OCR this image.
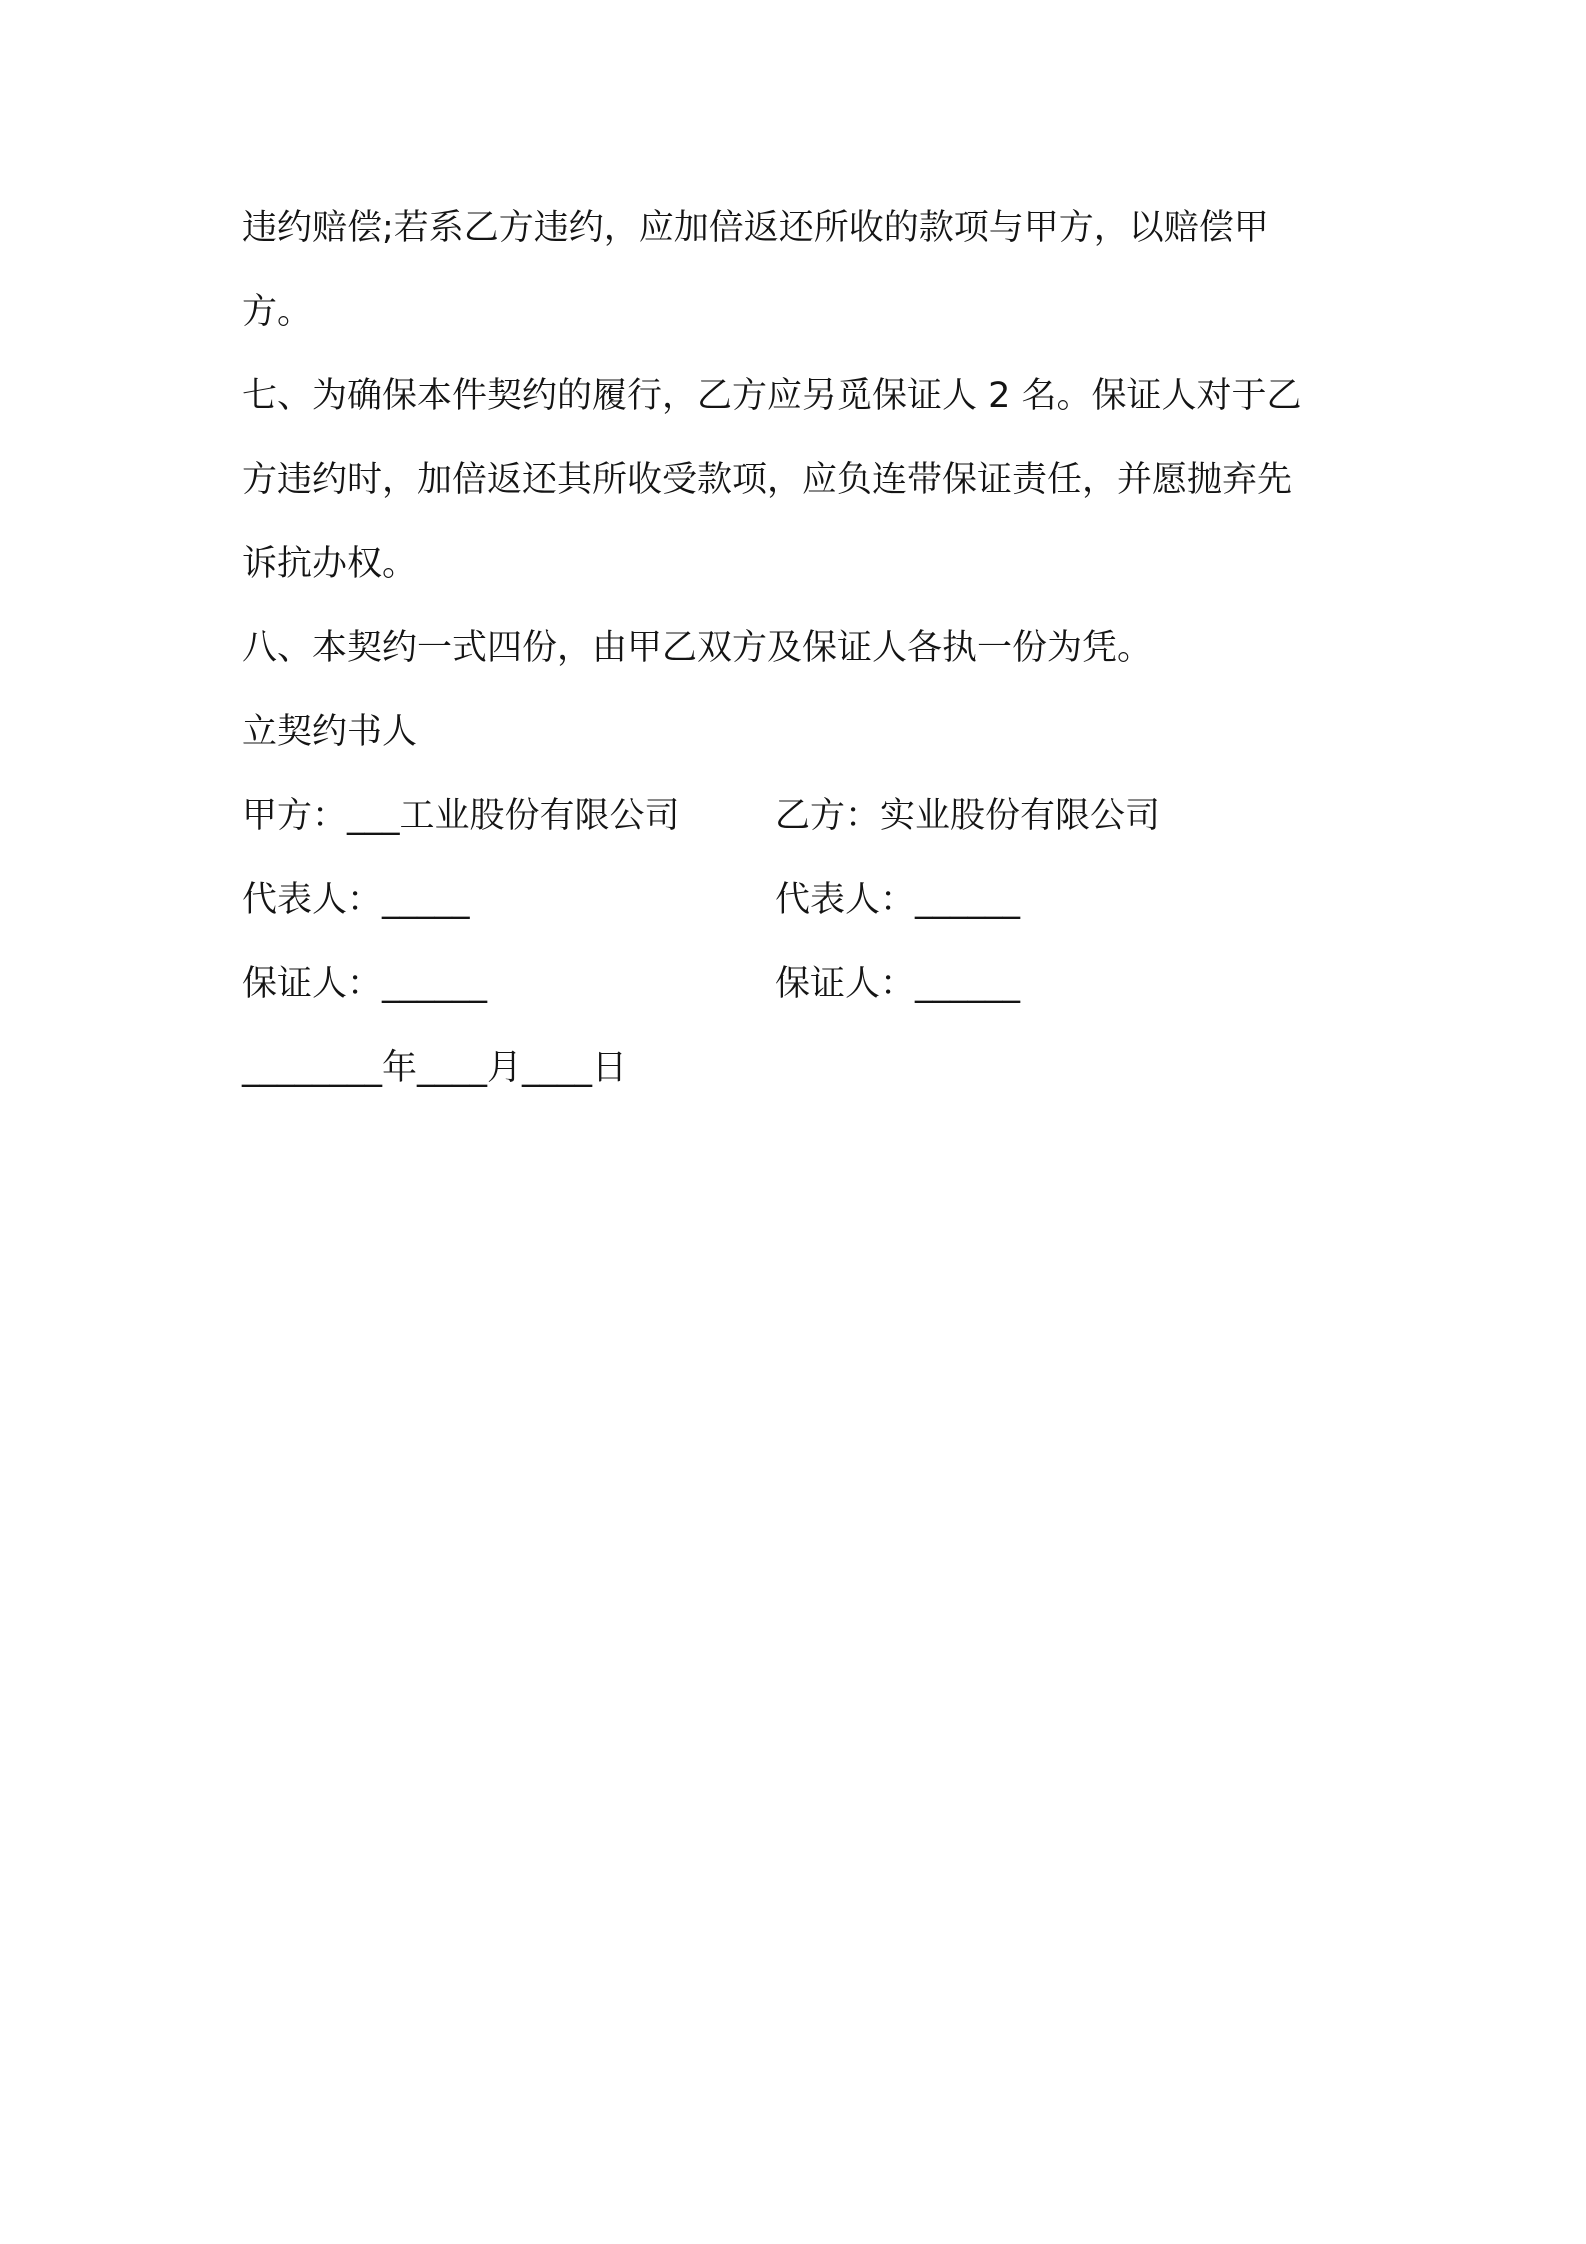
违约赔偿;若系乙方违约，应加倍返还所收的款项与甲方，以赔偿甲
方。
七、为确保本件契约的履行，乙方应另觅保证人 2 名。保证人对于乙
方违约时，加倍返还其所收受款项，应负连带保证责任，并愿抛弃先
诉抗办权。
八、本契约一式四份，由甲乙双方及保证人各执一份为凭。
立契约书人
甲方：___工业股份有限公司	乙方：实业股份有限公司
代表人：_____	代表人：______
保证人：______	保证人：______
________年____月____日
